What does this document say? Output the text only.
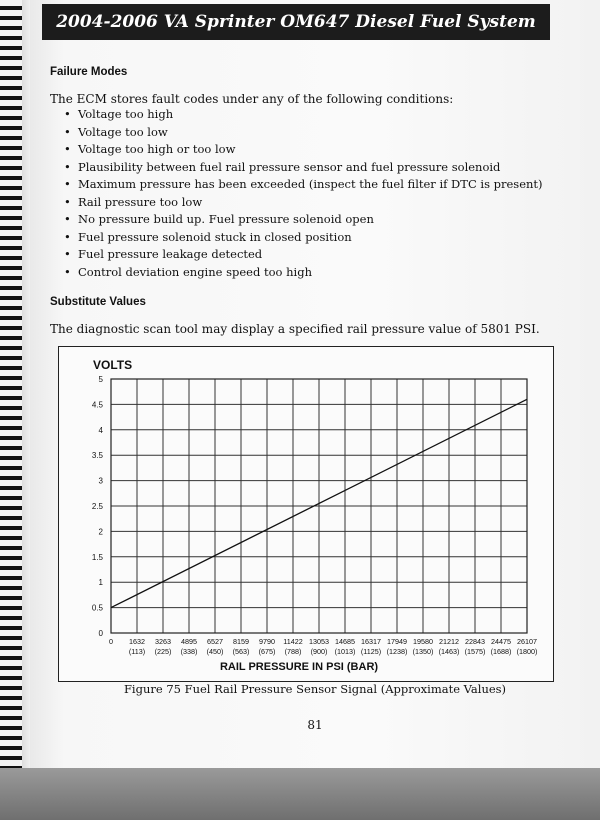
2004-2006 VA Sprinter OM647 Diesel Fuel System
Failure Modes
The ECM stores fault codes under any of the following conditions:
• Voltage too high
• Voltage too low
• Voltage too high or too low
• Plausibility between fuel rail pressure sensor and fuel pressure solenoid
• Maximum pressure has been exceeded (inspect the fuel filter if DTC is present)
• Rail pressure too low
• No pressure build up. Fuel pressure solenoid open
• Fuel pressure solenoid stuck in closed position
• Fuel pressure leakage detected
• Control deviation engine speed too high
Substitute Values
The diagnostic scan tool may display a specified rail pressure value of 5801 PSI.
VOLTS
0
0.5
1
1.5
2
2.5
3
3.5
4
4.5
5
0 1632
(113)
3263
(225)
4895
(338)
6527
(450)
8159
(563)
9790
(675)
11422
(788)
13053
(900)
14685
(1013)
16317
(1125)
17949
(1238)
19580
(1350)
21212
(1463)
22843
(1575)
24475
(1688)
26107
(1800)
RAIL PRESSURE IN PSI (BAR)
Figure 75 Fuel Rail Pressure Sensor Signal (Approximate Values)
81
